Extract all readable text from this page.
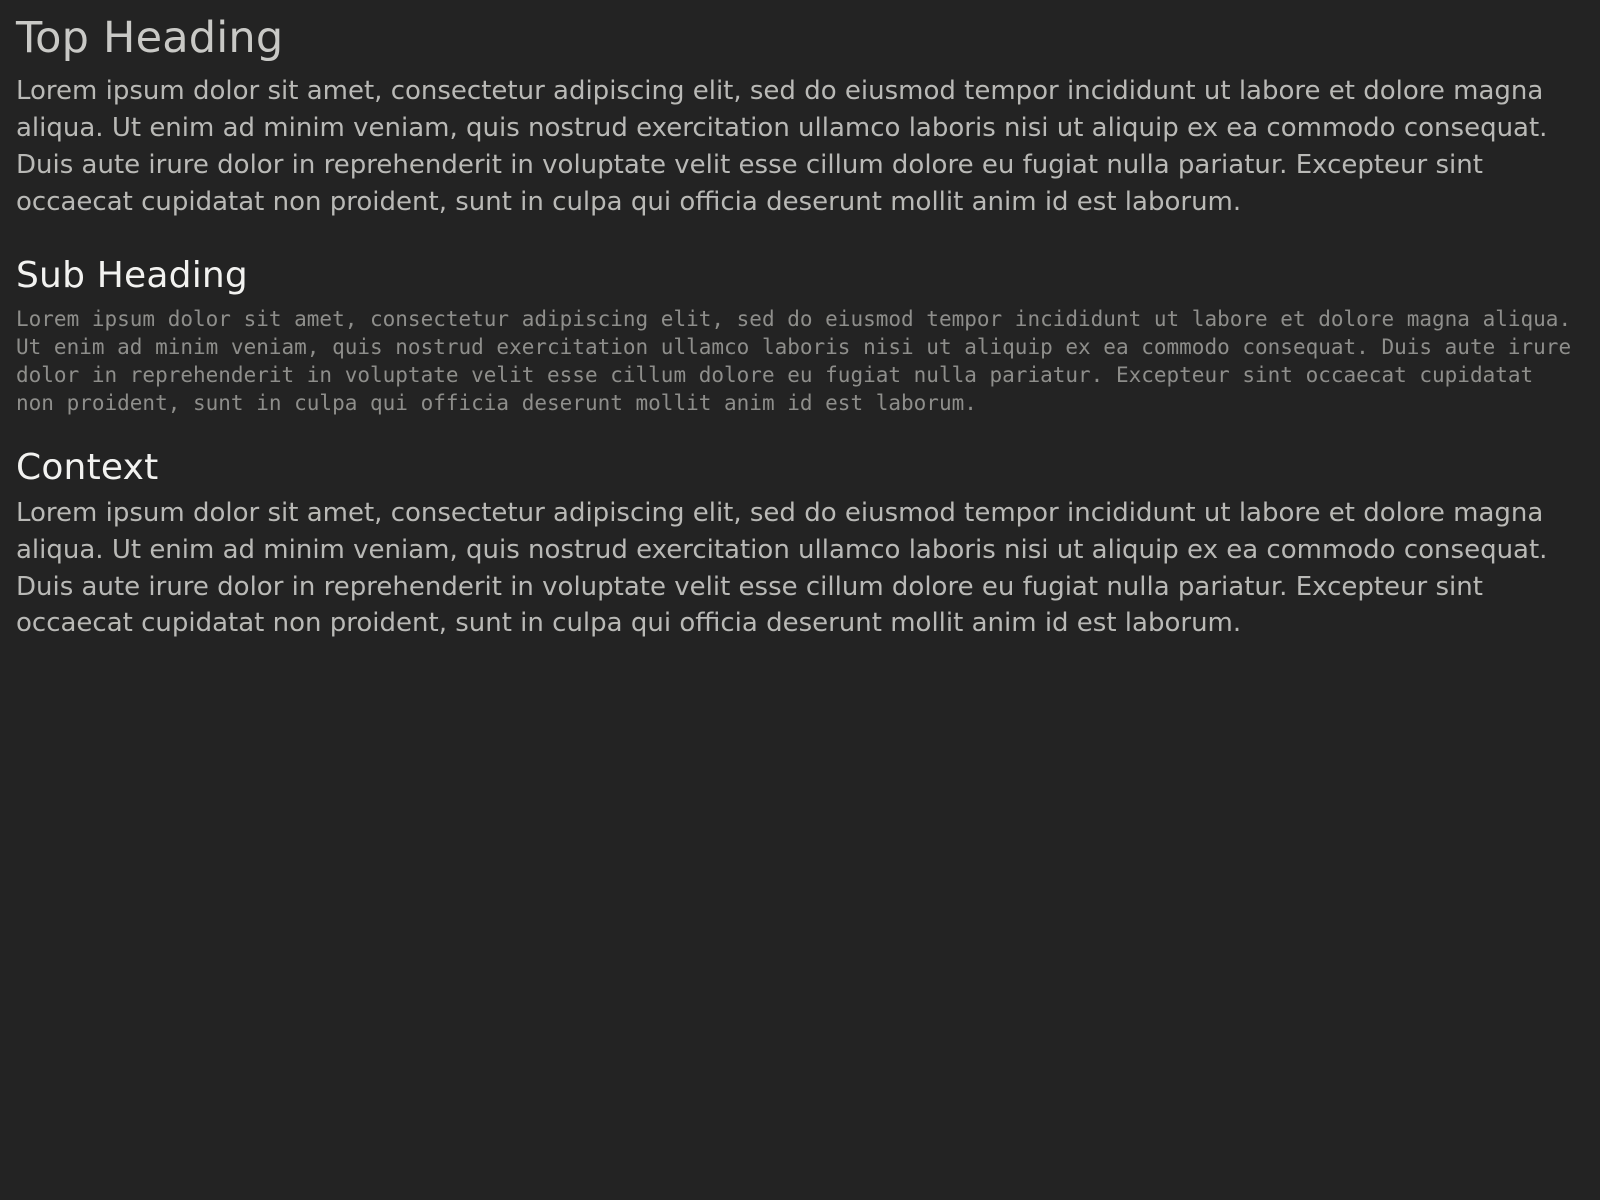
Top Heading

Lorem ipsum dolor sit amet, consectetur adipiscing elit, sed do eiusmod tempor incididunt ut labore et dolore magna aliqua. Ut enim ad minim veniam, quis nostrud exercitation ullamco laboris nisi ut aliquip ex ea commodo consequat. Duis aute irure dolor in reprehenderit in voluptate velit esse cillum dolore eu fugiat nulla pariatur. Excepteur sint occaecat cupidatat non proident, sunt in culpa qui officia deserunt mollit anim id est laborum.

Sub Heading

Lorem ipsum dolor sit amet, consectetur adipiscing elit, sed do eiusmod tempor incididunt ut labore et dolore magna aliqua. Ut enim ad minim veniam, quis nostrud exercitation ullamco laboris nisi ut aliquip ex ea commodo consequat. Duis aute irure dolor in reprehenderit in voluptate velit esse cillum dolore eu fugiat nulla pariatur. Excepteur sint occaecat cupidatat non proident, sunt in culpa qui officia deserunt mollit anim id est laborum.

Context

Lorem ipsum dolor sit amet, consectetur adipiscing elit, sed do eiusmod tempor incididunt ut labore et dolore magna aliqua. Ut enim ad minim veniam, quis nostrud exercitation ullamco laboris nisi ut aliquip ex ea commodo consequat. Duis aute irure dolor in reprehenderit in voluptate velit esse cillum dolore eu fugiat nulla pariatur. Excepteur sint occaecat cupidatat non proident, sunt in culpa qui officia deserunt mollit anim id est laborum.
